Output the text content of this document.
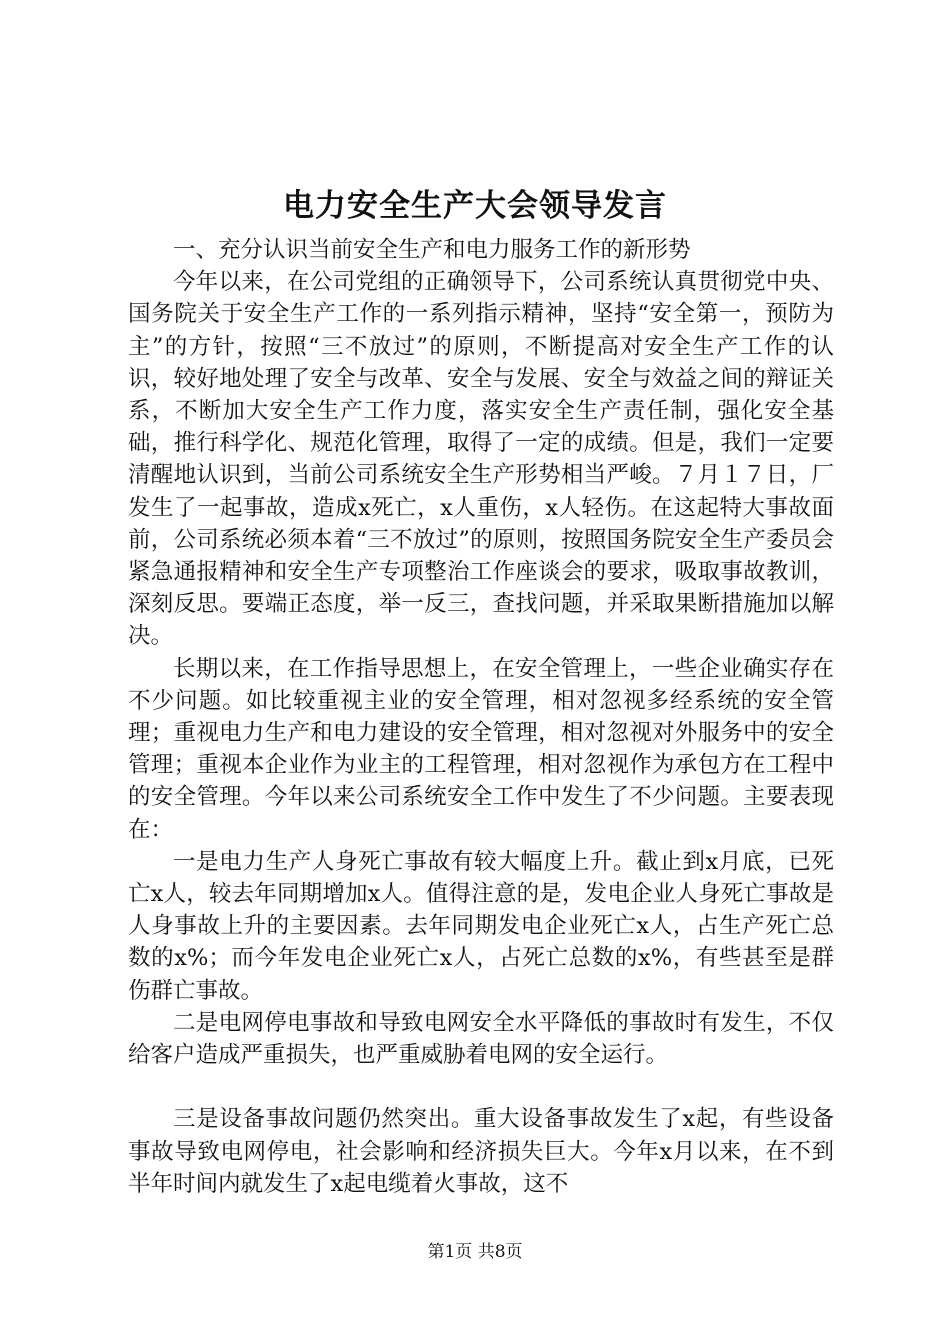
电力安全生产大会领导发言

一、充分认识当前安全生产和电力服务工作的新形势

今年以来，在公司党组的正确领导下，公司系统认真贯彻党中央、国务院关于安全生产工作的一系列指示精神，坚持“安全第一，预防为主”的方针，按照“三不放过”的原则，不断提高对安全生产工作的认识，较好地处理了安全与改革、安全与发展、安全与效益之间的辩证关系，不断加大安全生产工作力度，落实安全生产责任制，强化安全基础，推行科学化、规范化管理，取得了一定的成绩。但是，我们一定要清醒地认识到，当前公司系统安全生产形势相当严峻。７月１７日，厂发生了一起事故，造成x死亡，x人重伤，x人轻伤。在这起特大事故面前，公司系统必须本着“三不放过”的原则，按照国务院安全生产委员会紧急通报精神和安全生产专项整治工作座谈会的要求，吸取事故教训，深刻反思。要端正态度，举一反三，查找问题，并采取果断措施加以解决。

长期以来，在工作指导思想上，在安全管理上，一些企业确实存在不少问题。如比较重视主业的安全管理，相对忽视多经系统的安全管理；重视电力生产和电力建设的安全管理，相对忽视对外服务中的安全管理；重视本企业作为业主的工程管理，相对忽视作为承包方在工程中的安全管理。今年以来公司系统安全工作中发生了不少问题。主要表现在：

一是电力生产人身死亡事故有较大幅度上升。截止到x月底，已死亡x人，较去年同期增加x人。值得注意的是，发电企业人身死亡事故是人身事故上升的主要因素。去年同期发电企业死亡x人，占生产死亡总数的x%；而今年发电企业死亡x人，占死亡总数的x%，有些甚至是群伤群亡事故。

二是电网停电事故和导致电网安全水平降低的事故时有发生，不仅给客户造成严重损失，也严重威胁着电网的安全运行。

三是设备事故问题仍然突出。重大设备事故发生了x起，有些设备事故导致电网停电，社会影响和经济损失巨大。今年x月以来，在不到半年时间内就发生了x起电缆着火事故，这不

第1页 共8页
